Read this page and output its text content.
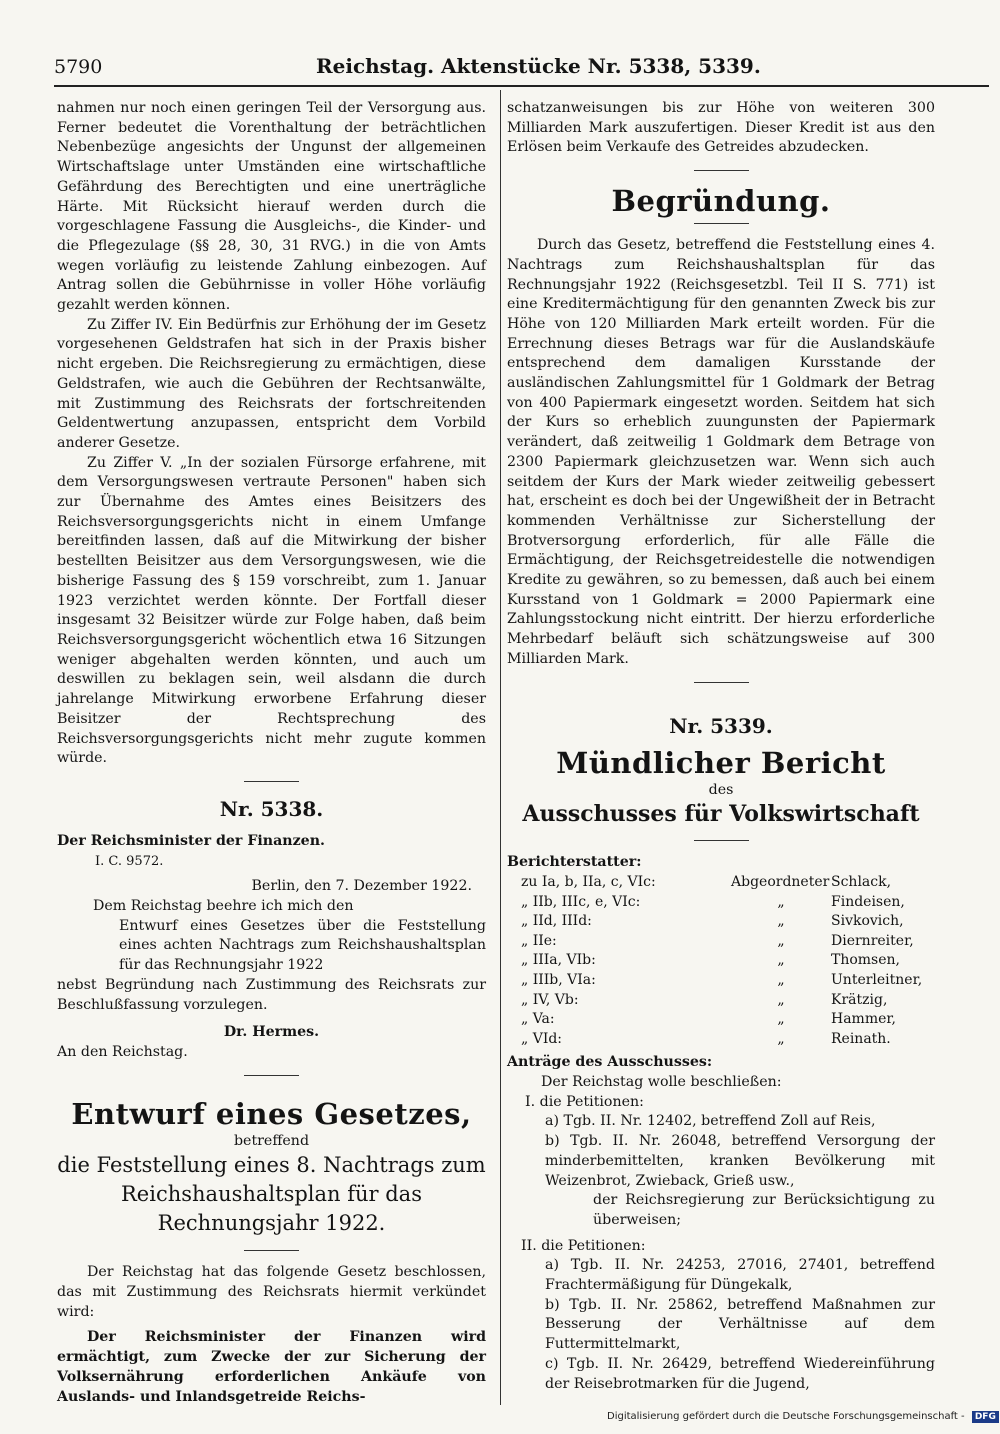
5790	Reichstag. Aktenstücke Nr. 5338, 5339.

nahmen nur noch einen geringen Teil der Versorgung aus. Ferner bedeutet die Vorenthaltung der beträchtlichen Nebenbezüge angesichts der Ungunst der allgemeinen Wirtschaftslage unter Umständen eine wirtschaftliche Gefährdung des Berechtigten und eine unerträgliche Härte. Mit Rücksicht hierauf werden durch die vorgeschlagene Fassung die Ausgleichs-, die Kinder- und die Pflegezulage (§§ 28, 30, 31 RVG.) in die von Amts wegen vorläufig zu leistende Zahlung einbezogen. Auf Antrag sollen die Gebührnisse in voller Höhe vorläufig gezahlt werden können.

Zu Ziffer IV. Ein Bedürfnis zur Erhöhung der im Gesetz vorgesehenen Geldstrafen hat sich in der Praxis bisher nicht ergeben. Die Reichsregierung zu ermächtigen, diese Geldstrafen, wie auch die Gebühren der Rechtsanwälte, mit Zustimmung des Reichsrats der fortschreitenden Geldentwertung anzupassen, entspricht dem Vorbild anderer Gesetze.

Zu Ziffer V. „In der sozialen Fürsorge erfahrene, mit dem Versorgungswesen vertraute Personen" haben sich zur Übernahme des Amtes eines Beisitzers des Reichsversorgungsgerichts nicht in einem Umfange bereitfinden lassen, daß auf die Mitwirkung der bisher bestellten Beisitzer aus dem Versorgungswesen, wie die bisherige Fassung des § 159 vorschreibt, zum 1. Januar 1923 verzichtet werden könnte. Der Fortfall dieser insgesamt 32 Beisitzer würde zur Folge haben, daß beim Reichsversorgungsgericht wöchentlich etwa 16 Sitzungen weniger abgehalten werden könnten, und auch um deswillen zu beklagen sein, weil alsdann die durch jahrelange Mitwirkung erworbene Erfahrung dieser Beisitzer der Rechtsprechung des Reichsversorgungsgerichts nicht mehr zugute kommen würde.

Nr. 5338.
Der Reichsminister der Finanzen.
I. C. 9572.
Berlin, den 7. Dezember 1922.
Dem Reichstag beehre ich mich den

Entwurf eines Gesetzes über die Feststellung eines achten Nachtrags zum Reichshaushaltsplan für das Rechnungsjahr 1922

nebst Begründung nach Zustimmung des Reichsrats zur Beschlußfassung vorzulegen.

Dr. Hermes.
An den Reichstag.
Entwurf eines Gesetzes,
betreffend
die Feststellung eines 8. Nachtrags zum Reichshaushaltsplan für das Rechnungsjahr 1922.

Der Reichstag hat das folgende Gesetz beschlossen, das mit Zustimmung des Reichsrats hiermit verkündet wird:

Der Reichsminister der Finanzen wird ermächtigt, zum Zwecke der zur Sicherung der Volksernährung erforderlichen Ankäufe von Auslands- und Inlandsgetreide Reichs-

schatzanweisungen bis zur Höhe von weiteren 300 Milliarden Mark auszufertigen. Dieser Kredit ist aus den Erlösen beim Verkaufe des Getreides abzudecken.

Begründung.

Durch das Gesetz, betreffend die Feststellung eines 4. Nachtrags zum Reichshaushaltsplan für das Rechnungsjahr 1922 (Reichsgesetzbl. Teil II S. 771) ist eine Kreditermächtigung für den genannten Zweck bis zur Höhe von 120 Milliarden Mark erteilt worden. Für die Errechnung dieses Betrags war für die Auslandskäufe entsprechend dem damaligen Kursstande der ausländischen Zahlungsmittel für 1 Goldmark der Betrag von 400 Papiermark eingesetzt worden. Seitdem hat sich der Kurs so erheblich zuungunsten der Papiermark verändert, daß zeitweilig 1 Goldmark dem Betrage von 2300 Papiermark gleichzusetzen war. Wenn sich auch seitdem der Kurs der Mark wieder zeitweilig gebessert hat, erscheint es doch bei der Ungewißheit der in Betracht kommenden Verhältnisse zur Sicherstellung der Brotversorgung erforderlich, für alle Fälle die Ermächtigung, der Reichsgetreidestelle die notwendigen Kredite zu gewähren, so zu bemessen, daß auch bei einem Kursstand von 1 Goldmark = 2000 Papiermark eine Zahlungsstockung nicht eintritt. Der hierzu erforderliche Mehrbedarf beläuft sich schätzungsweise auf 300 Milliarden Mark.

Nr. 5339.
Mündlicher Bericht
des
Ausschusses für Volkswirtschaft
Berichterstatter:
zu Ia, b, IIa, c, VIc:	Abgeordneter	Schlack,
„ IIb, IIIc, e, VIc:	„	Findeisen,
„ IId, IIId:	„	Sivkovich,
„ IIe:	„	Diernreiter,
„ IIIa, VIb:	„	Thomsen,
„ IIIb, VIa:	„	Unterleitner,
„ IV, Vb:	„	Krätzig,
„ Va:	„	Hammer,
„ VId:	„	Reinath.
Anträge des Ausschusses:
Der Reichstag wolle beschließen:
I. die Petitionen:
a) Tgb. II. Nr. 12402, betreffend Zoll auf Reis,
b) Tgb. II. Nr. 26048, betreffend Versorgung der minderbemittelten, kranken Bevölkerung mit Weizenbrot, Zwieback, Grieß usw.,

der Reichsregierung zur Berücksichtigung zu überweisen;

II. die Petitionen:
a) Tgb. II. Nr. 24253, 27016, 27401, betreffend Frachtermäßigung für Düngekalk,
b) Tgb. II. Nr. 25862, betreffend Maßnahmen zur Besserung der Verhältnisse auf dem Futtermittelmarkt,
c) Tgb. II. Nr. 26429, betreffend Wiedereinführung der Reisebrotmarken für die Jugend,
Digitalisierung gefördert durch die Deutsche Forschungsgemeinschaft - DFG
